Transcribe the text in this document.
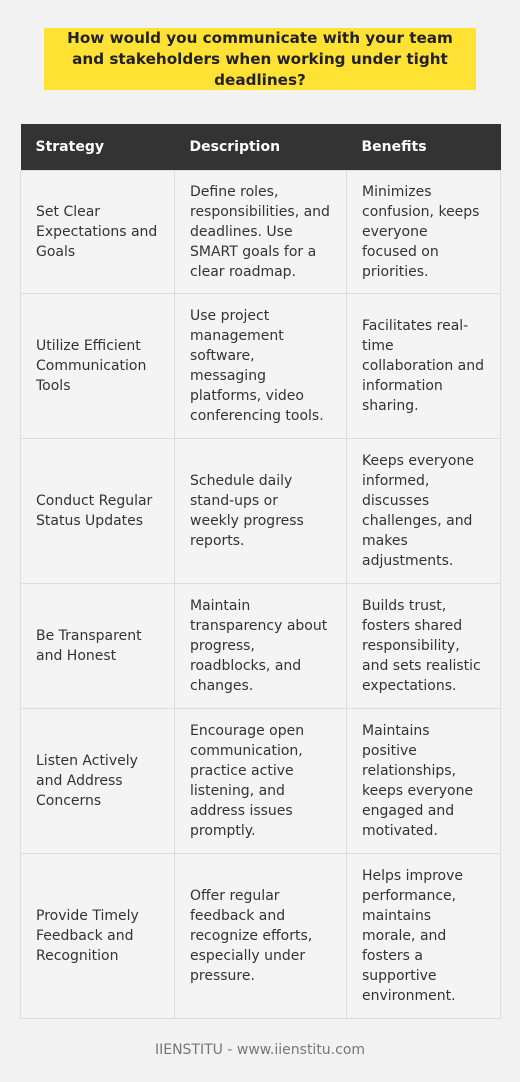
How would you communicate with your team and stakeholders when working under tight deadlines?
Strategy	Description	Benefits
Set Clear Expectations and Goals	Define roles, responsibilities, and deadlines. Use SMART goals for a clear roadmap.	Minimizes confusion, keeps everyone focused on priorities.
Utilize Efficient Communication Tools	Use project management software, messaging platforms, video conferencing tools.	Facilitates real-time collaboration and information sharing.
Conduct Regular Status Updates	Schedule daily stand-ups or weekly progress reports.	Keeps everyone informed, discusses challenges, and makes adjustments.
Be Transparent and Honest	Maintain transparency about progress, roadblocks, and changes.	Builds trust, fosters shared responsibility, and sets realistic expectations.
Listen Actively and Address Concerns	Encourage open communication, practice active listening, and address issues promptly.	Maintains positive relationships, keeps everyone engaged and motivated.
Provide Timely Feedback and Recognition	Offer regular feedback and recognize efforts, especially under pressure.	Helps improve performance, maintains morale, and fosters a supportive environment.
IIENSTITU - www.iienstitu.com
